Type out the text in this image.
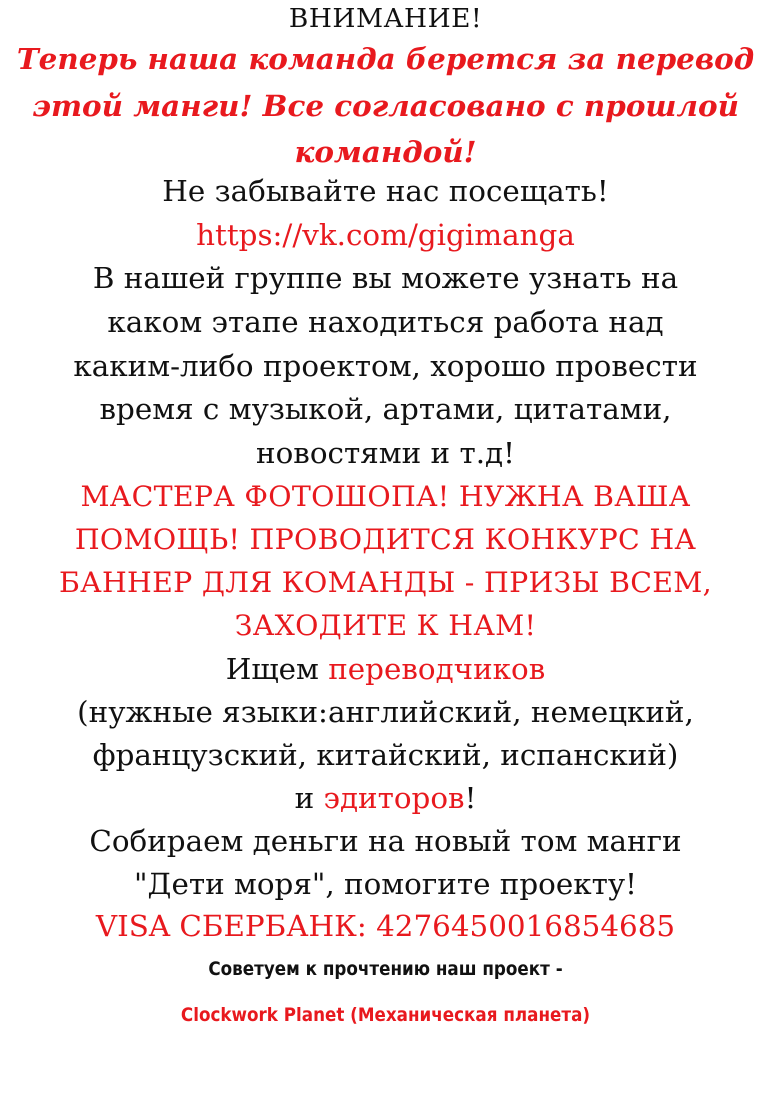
ВНИМАНИЕ!
Теперь наша команда берется за перевод
этой манги! Все согласовано с прошлой
командой!
Не забывайте нас посещать!
https://vk.com/gigimanga
В нашей группе вы можете узнать на
каком этапе находиться работа над
каким-либо проектом, хорошо провести
время с музыкой, артами, цитатами,
новостями и т.д!
МАСТЕРА ФОТОШОПА! НУЖНА ВАША
ПОМОЩЬ! ПРОВОДИТСЯ КОНКУРС НА
БАННЕР ДЛЯ КОМАНДЫ - ПРИЗЫ ВСЕМ,
ЗАХОДИТЕ К НАМ!
Ищем переводчиков
(нужные языки:английский, немецкий,
французский, китайский, испанский)
и эдиторов!
Собираем деньги на новый том манги
"Дети моря", помогите проекту!
VISA СБЕРБАНК: 4276450016854685
Советуем к прочтению наш проект -
Clockwork Planet (Механическая планета)
